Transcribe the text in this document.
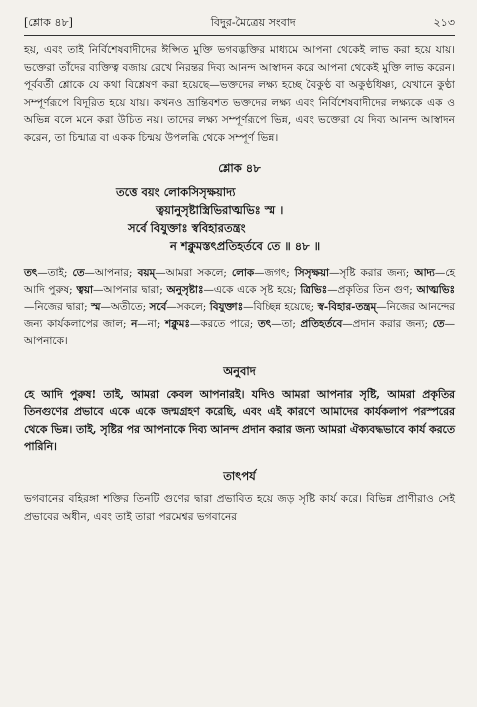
[শ্লোক ৪৮]	বিদুর-মৈত্রেয় সংবাদ	২১৩

হয়, এবং তাই নির্বিশেষবাদীদের ঈপ্সিত মুক্তি ভগবদ্ভক্তির মাধ্যমে আপনা থেকেই লাভ করা হয়ে যায়। ভক্তেরা তাঁদের ব্যক্তিত্ব বজায় রেখে নিরন্তর দিব্য আনন্দ আস্বাদন করে আপনা থেকেই মুক্তি লাভ করেন। পূর্ববর্তী শ্লোকে যে কথা বিশ্লেষণ করা হয়েছে—ভক্তদের লক্ষ্য হচ্ছে বৈকুণ্ঠ বা অকুণ্ঠধিষ্ণ্য, যেখানে কুণ্ঠা সম্পূর্ণরূপে বিদূরিত হয়ে যায়। কখনও ভ্রান্তিবশত ভক্তদের লক্ষ্য এবং নির্বিশেষবাদীদের লক্ষ্যকে এক ও অভিন্ন বলে মনে করা উচিত নয়। তাদের লক্ষ্য সম্পূর্ণরূপে ভিন্ন, এবং ভক্তেরা যে দিব্য আনন্দ আস্বাদন করেন, তা চিন্মাত্র বা একক চিন্ময় উপলব্ধি থেকে সম্পূর্ণ ভিন্ন।

শ্লোক ৪৮
তত্তে বয়ং লোকসিসৃক্ষয়াদ্য
ত্বয়ানুসৃষ্টাস্ত্রিভিরাত্মভিঃ স্ম ।
সর্বে বিযুক্তাঃ স্ববিহারতন্ত্রং
ন শক্নুমস্তৎপ্রতিহর্তবে তে ॥ ৪৮ ॥

তৎ—তাই; তে—আপনার; বয়ম্—আমরা সকলে; লোক—জগৎ; সিসৃক্ষয়া—সৃষ্টি করার জন্য; আদ্য—হে আদি পুরুষ; ত্বয়া—আপনার দ্বারা; অনুসৃষ্টাঃ—একে একে সৃষ্ট হয়ে; ত্রিভিঃ—প্রকৃতির তিন গুণ; আত্মভিঃ—নিজের দ্বারা; স্ম—অতীতে; সর্বে—সকলে; বিযুক্তাঃ—বিচ্ছিন্ন হয়েছে; স্ব-বিহার-তন্ত্রম্—নিজের আনন্দের জন্য কার্যকলাপের জাল; ন—না; শক্নুমঃ—করতে পারে; তৎ—তা; প্রতিহর্তবে—প্রদান করার জন্য; তে—আপনাকে।

অনুবাদ

হে আদি পুরুষ! তাই, আমরা কেবল আপনারই। যদিও আমরা আপনার সৃষ্টি, আমরা প্রকৃতির তিনগুণের প্রভাবে একে একে জন্মগ্রহণ করেছি, এবং এই কারণে আমাদের কার্যকলাপ পরস্পরের থেকে ভিন্ন। তাই, সৃষ্টির পর আপনাকে দিব্য আনন্দ প্রদান করার জন্য আমরা ঐক্যবদ্ধভাবে কার্য করতে পারিনি।

তাৎপর্য

ভগবানের বহিরঙ্গা শক্তির তিনটি গুণের দ্বারা প্রভাবিত হয়ে জড় সৃষ্টি কার্য করে। বিভিন্ন প্রাণীরাও সেই প্রভাবের অধীন, এবং তাই তারা পরমেশ্বর ভগবানের
